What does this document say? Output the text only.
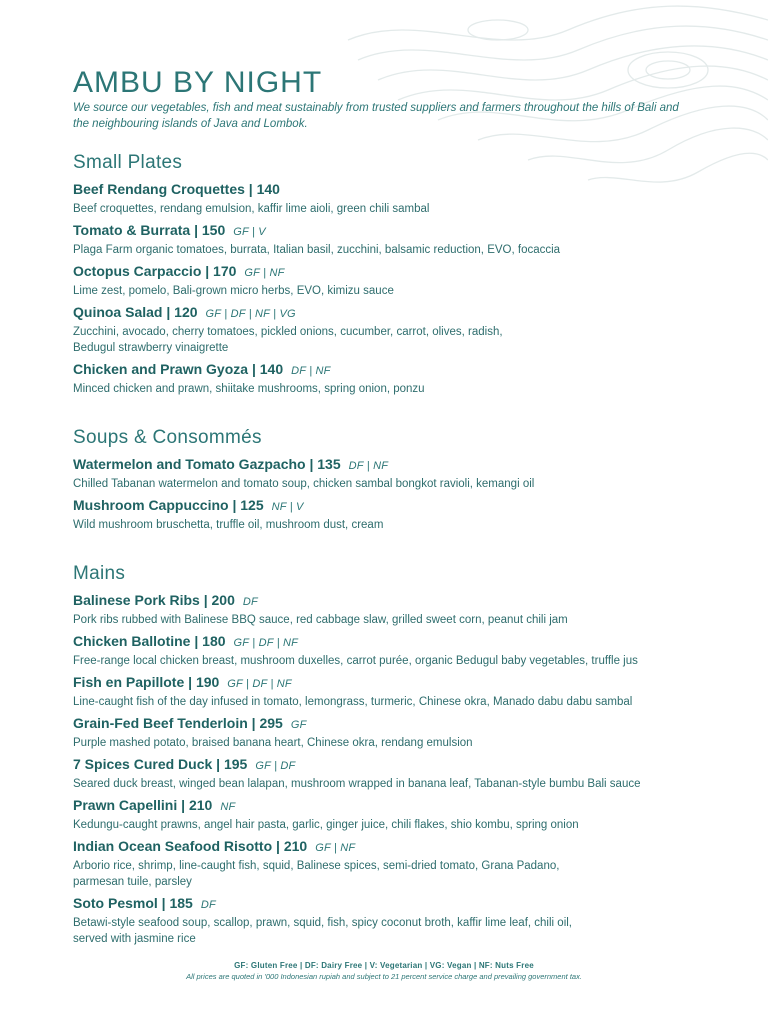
AMBU BY NIGHT
We source our vegetables, fish and meat sustainably from trusted suppliers and farmers throughout the hills of Bali and the neighbouring islands of Java and Lombok.
Small Plates
Beef Rendang Croquettes | 140
Beef croquettes, rendang emulsion, kaffir lime aioli, green chili sambal
Tomato & Burrata | 150 GF | V
Plaga Farm organic tomatoes, burrata, Italian basil, zucchini, balsamic reduction, EVO, focaccia
Octopus Carpaccio | 170 GF | NF
Lime zest, pomelo, Bali-grown micro herbs, EVO, kimizu sauce
Quinoa Salad | 120 GF | DF | NF | VG
Zucchini, avocado, cherry tomatoes, pickled onions, cucumber, carrot, olives, radish,
Bedugul strawberry vinaigrette
Chicken and Prawn Gyoza | 140 DF | NF
Minced chicken and prawn, shiitake mushrooms, spring onion, ponzu
Soups & Consommés
Watermelon and Tomato Gazpacho | 135 DF | NF
Chilled Tabanan watermelon and tomato soup, chicken sambal bongkot ravioli, kemangi oil
Mushroom Cappuccino | 125 NF | V
Wild mushroom bruschetta, truffle oil, mushroom dust, cream
Mains
Balinese Pork Ribs | 200 DF
Pork ribs rubbed with Balinese BBQ sauce, red cabbage slaw, grilled sweet corn, peanut chili jam
Chicken Ballotine | 180 GF | DF | NF
Free-range local chicken breast, mushroom duxelles, carrot purée, organic Bedugul baby vegetables, truffle jus
Fish en Papillote | 190 GF | DF | NF
Line-caught fish of the day infused in tomato, lemongrass, turmeric, Chinese okra, Manado dabu dabu sambal
Grain-Fed Beef Tenderloin | 295 GF
Purple mashed potato, braised banana heart, Chinese okra, rendang emulsion
7 Spices Cured Duck | 195 GF | DF
Seared duck breast, winged bean lalapan, mushroom wrapped in banana leaf, Tabanan-style bumbu Bali sauce
Prawn Capellini | 210 NF
Kedungu-caught prawns, angel hair pasta, garlic, ginger juice, chili flakes, shio kombu, spring onion
Indian Ocean Seafood Risotto | 210 GF | NF
Arborio rice, shrimp, line-caught fish, squid, Balinese spices, semi-dried tomato, Grana Padano,
parmesan tuile, parsley
Soto Pesmol | 185 DF
Betawi-style seafood soup, scallop, prawn, squid, fish, spicy coconut broth, kaffir lime leaf, chili oil,
served with jasmine rice
GF: Gluten Free | DF: Dairy Free | V: Vegetarian | VG: Vegan | NF: Nuts Free
All prices are quoted in '000 Indonesian rupiah and subject to 21 percent service charge and prevailing government tax.
